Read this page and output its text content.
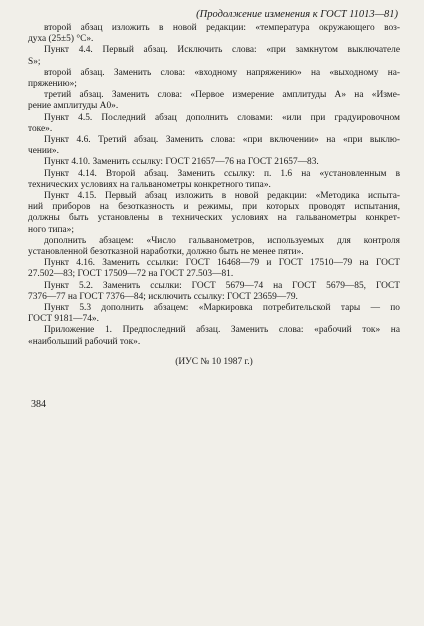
(Продолжение изменения к ГОСТ 11013—81)
второй абзац изложить в новой редакции: «температура окружающего воз-
духа (25±5) °С».
Пункт 4.4. Первый абзац. Исключить слова: «при замкнутом выключателе
S»;
второй абзац. Заменить слова: «входному напряжению» на «выходному на-
пряжению»;
третий абзац. Заменить слова: «Первое измерение амплитуды A» на «Изме-
рение амплитуды A0».
Пункт 4.5. Последний абзац дополнить словами: «или при градуировочном
токе».
Пункт 4.6. Третий абзац. Заменить слова: «при включении» на «при выклю-
чении».
Пункт 4.10. Заменить ссылку: ГОСТ 21657—76 на ГОСТ 21657—83.
Пункт 4.14. Второй абзац. Заменить ссылку: п. 1.6 на «установленным в
технических условиях на гальванометры конкретного типа».
Пункт 4.15. Первый абзац изложить в новой редакции: «Методика испыта-
ний приборов на безотказность и режимы, при которых проводят испытания,
должны быть установлены в технических условиях на гальванометры конкрет-
ного типа»;
дополнить абзацем: «Число гальванометров, используемых для контроля
установленной безотказной наработки, должно быть не менее пяти».
Пункт 4.16. Заменить ссылки: ГОСТ 16468—79 и ГОСТ 17510—79 на ГОСТ
27.502—83; ГОСТ 17509—72 на ГОСТ 27.503—81.
Пункт 5.2. Заменить ссылки: ГОСТ 5679—74 на ГОСТ 5679—85, ГОСТ
7376—77 на ГОСТ 7376—84; исключить ссылку: ГОСТ 23659—79.
Пункт 5.3 дополнить абзацем: «Маркировка потребительской тары — по
ГОСТ 9181—74».
Приложение 1. Предпоследний абзац. Заменить слова: «рабочий ток» на
«наибольший рабочий ток».
(ИУС № 10 1987 г.)
384
